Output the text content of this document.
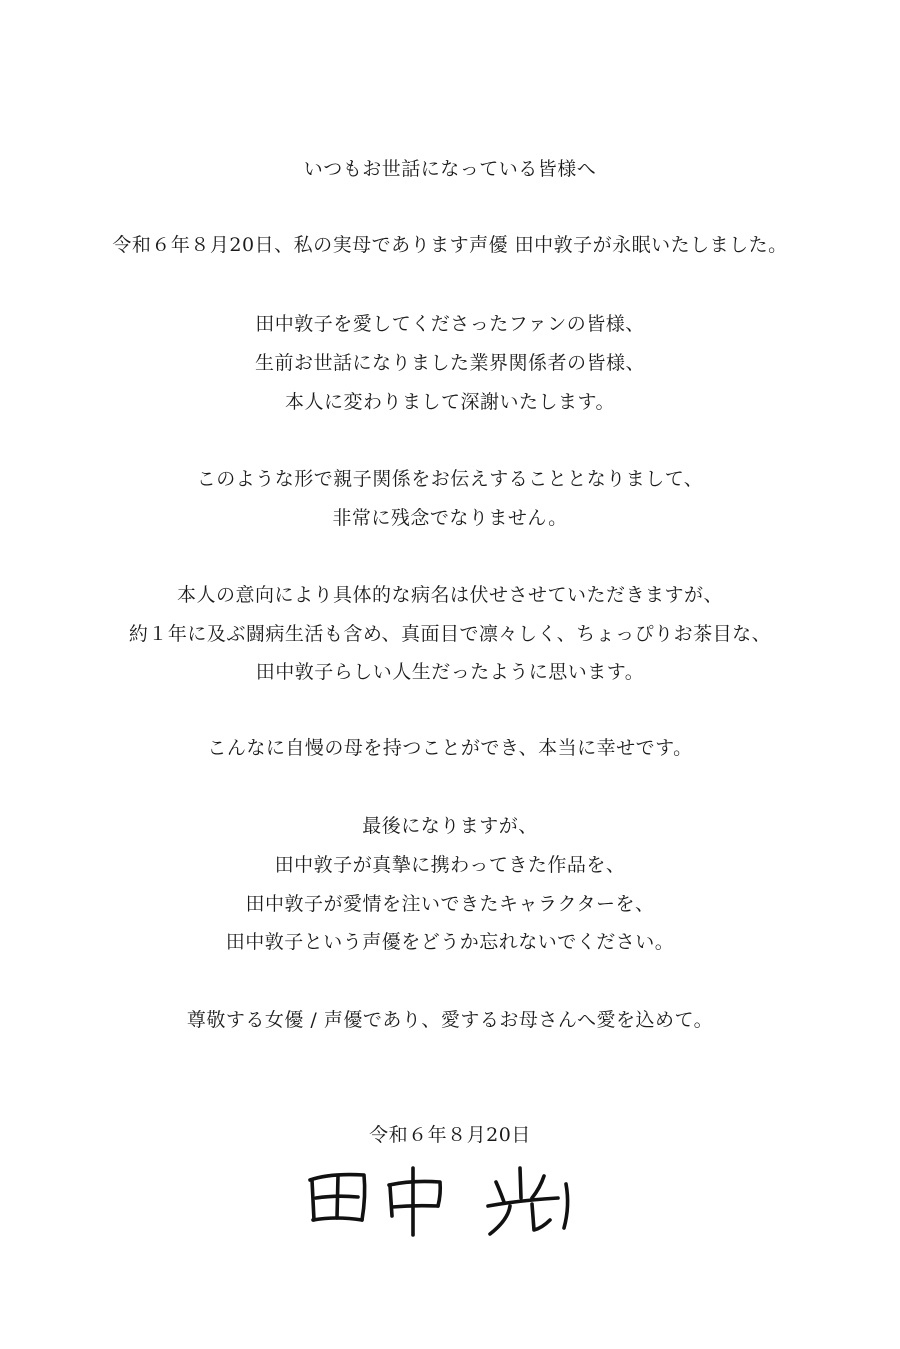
いつもお世話になっている皆様へ
令和６年８月20日、私の実母であります声優 田中敦子が永眠いたしました。
田中敦子を愛してくださったファンの皆様、
生前お世話になりました業界関係者の皆様、
本人に変わりまして深謝いたします。
このような形で親子関係をお伝えすることとなりまして、
非常に残念でなりません。
本人の意向により具体的な病名は伏せさせていただきますが、
約１年に及ぶ闘病生活も含め、真面目で凛々しく、ちょっぴりお茶目な、
田中敦子らしい人生だったように思います。
こんなに自慢の母を持つことができ、本当に幸せです。
最後になりますが、
田中敦子が真摯に携わってきた作品を、
田中敦子が愛情を注いできたキャラクターを、
田中敦子という声優をどうか忘れないでください。
尊敬する女優 / 声優であり、愛するお母さんへ愛を込めて。
令和６年８月20日
